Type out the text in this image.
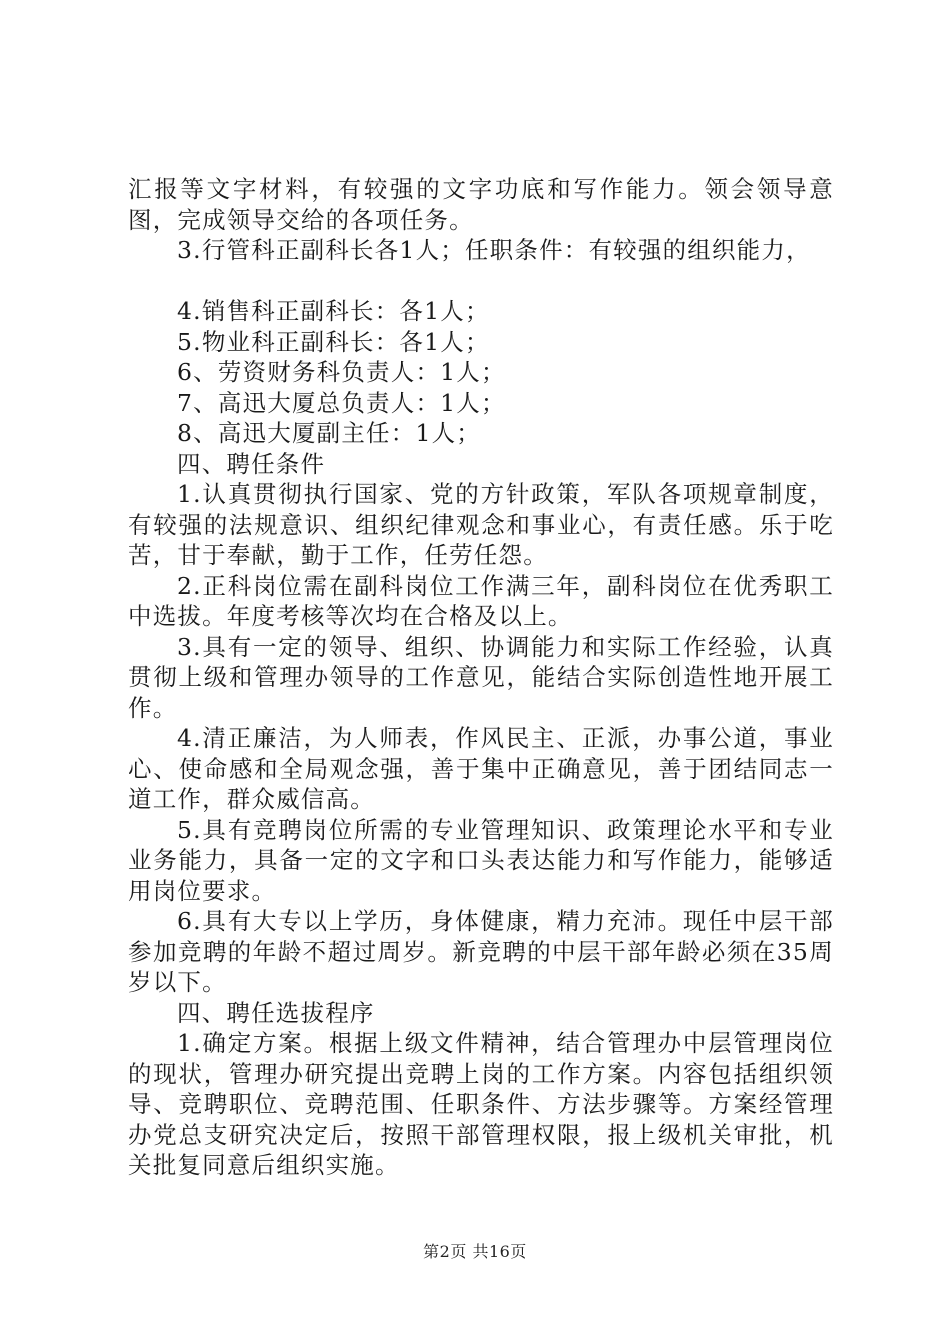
汇报等文字材料，有较强的文字功底和写作能力。领会领导意图，完成领导交给的各项任务。

3.行管科正副科长各1人；任职条件：有较强的组织能力，

4.销售科正副科长：各1人；

5.物业科正副科长：各1人；

6、劳资财务科负责人：1人；

7、高迅大厦总负责人：1人；

8、高迅大厦副主任：1人；

四、聘任条件

1.认真贯彻执行国家、党的方针政策，军队各项规章制度，有较强的法规意识、组织纪律观念和事业心，有责任感。乐于吃苦，甘于奉献，勤于工作，任劳任怨。

2.正科岗位需在副科岗位工作满三年，副科岗位在优秀职工中选拔。年度考核等次均在合格及以上。

3.具有一定的领导、组织、协调能力和实际工作经验，认真贯彻上级和管理办领导的工作意见，能结合实际创造性地开展工作。

4.清正廉洁，为人师表，作风民主、正派，办事公道，事业心、使命感和全局观念强，善于集中正确意见，善于团结同志一道工作，群众威信高。

5.具有竞聘岗位所需的专业管理知识、政策理论水平和专业业务能力，具备一定的文字和口头表达能力和写作能力，能够适用岗位要求。

6.具有大专以上学历，身体健康，精力充沛。现任中层干部参加竞聘的年龄不超过周岁。新竞聘的中层干部年龄必须在35周岁以下。

四、聘任选拔程序

1.确定方案。根据上级文件精神，结合管理办中层管理岗位的现状，管理办研究提出竞聘上岗的工作方案。内容包括组织领导、竞聘职位、竞聘范围、任职条件、方法步骤等。方案经管理办党总支研究决定后，按照干部管理权限，报上级机关审批，机关批复同意后组织实施。

第2页 共16页
